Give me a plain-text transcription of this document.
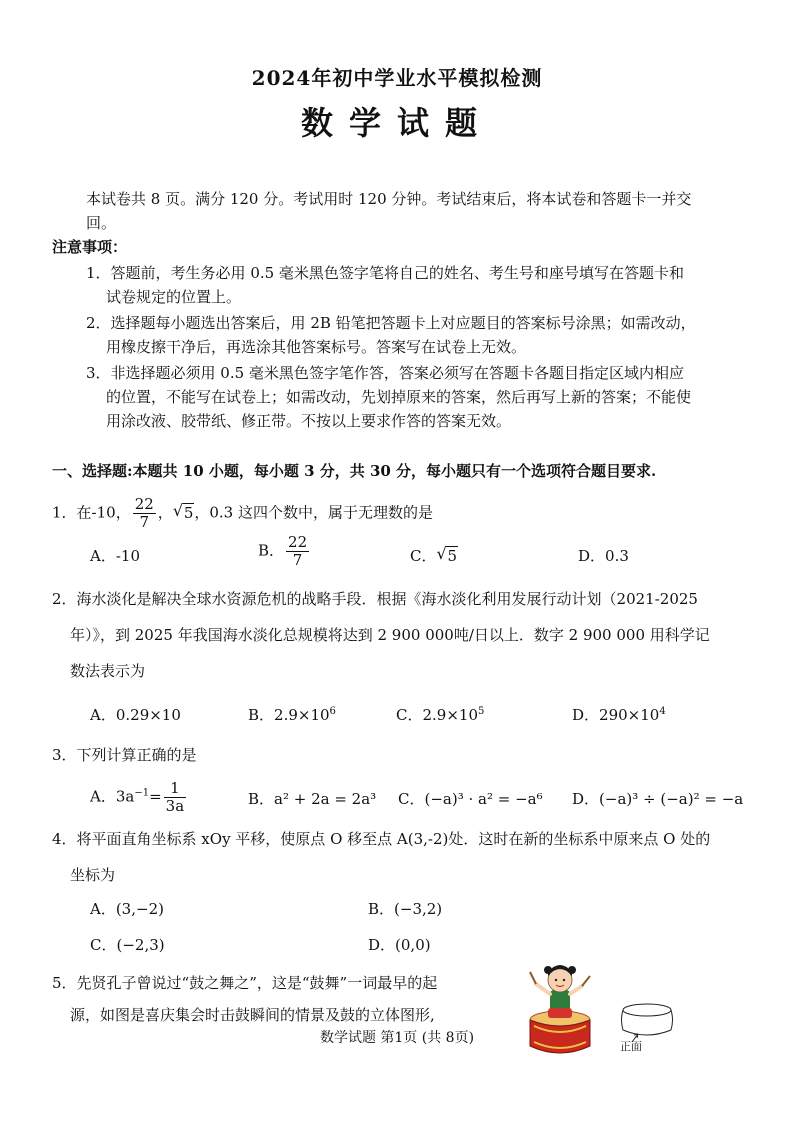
2024年初中学业水平模拟检测
数学试题
本试卷共 8 页。满分 120 分。考试用时 120 分钟。考试结束后，将本试卷和答题卡一并交
回。
注意事项：
1．答题前，考生务必用 0.5 毫米黑色签字笔将自己的姓名、考生号和座号填写在答题卡和
试卷规定的位置上。
2．选择题每小题选出答案后，用 2B 铅笔把答题卡上对应题目的答案标号涂黑；如需改动，
用橡皮擦干净后，再选涂其他答案标号。答案写在试卷上无效。
3．非选择题必须用 0.5 毫米黑色签字笔作答，答案必须写在答题卡各题目指定区域内相应
的位置，不能写在试卷上；如需改动，先划掉原来的答案，然后再写上新的答案；不能使
用涂改液、胶带纸、修正带。不按以上要求作答的答案无效。
一、选择题:本题共 10 小题，每小题 3 分，共 30 分，每小题只有一个选项符合题目要求.
1．在-10， $\frac{22}{7}$ ， √ 5，0.3 这四个数中，属于无理数的是
A．-10	B． $\frac{22}{7}$	C． √ 5	D．0.3
2．海水淡化是解决全球水资源危机的战略手段．根据《海水淡化利用发展行动计划（2021-2025
年）》，到 2025 年我国海水淡化总规模将达到 2 900 000吨/日以上．数字 2 900 000 用科学记
数法表示为
A．0.29×10	B．$2.9\times 10^6$	C．$2.9\times 10^5$	D．$290\times 10^4$
3．下列计算正确的是
A．$3a^{-1}= \frac{1}{3a}$	B．a² + 2a = 2a³ C．(−a)³ · a² = −a⁶ D．(−a)³ ÷ (−a)² = −a
4．将平面直角坐标系 xOy 平移，使原点 O 移至点 A(3,-2)处．这时在新的坐标系中原来点 O 处的
坐标为
A．(3,−2)	B．(−3,2)
C．(−2,3)	D．(0,0)
5．先贤孔子曾说过“鼓之舞之”，这是“鼓舞”一词最早的起
源，如图是喜庆集会时击鼓瞬间的情景及鼓的立体图形,
正面
数学试题 第1页 (共 8页)
